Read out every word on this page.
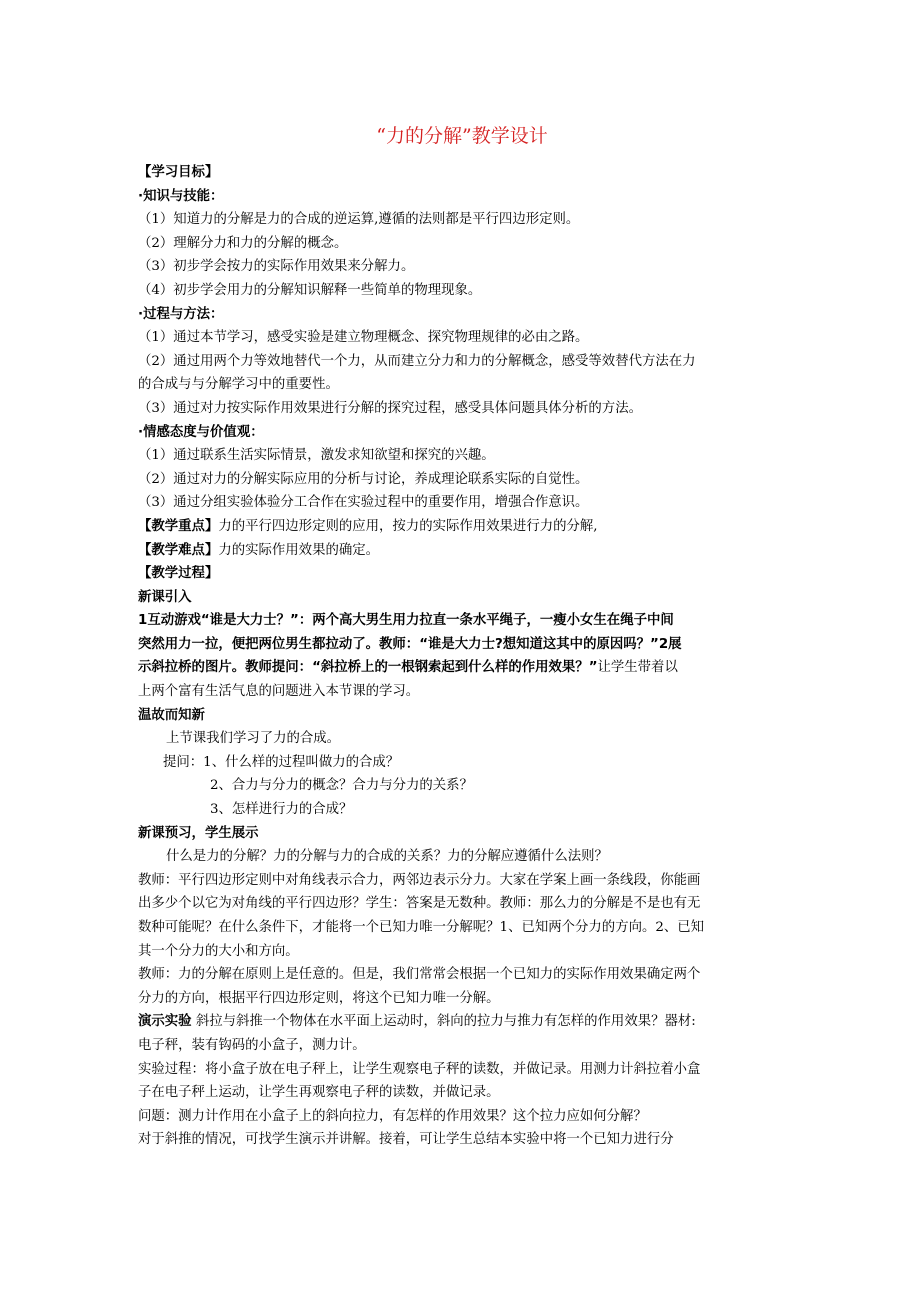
“力的分解”教学设计

【学习目标】

·知识与技能：

（1）知道力的分解是力的合成的逆运算,遵循的法则都是平行四边形定则。

（2）理解分力和力的分解的概念。

（3）初步学会按力的实际作用效果来分解力。

（4）初步学会用力的分解知识解释一些简单的物理现象。

·过程与方法：

（1）通过本节学习，感受实验是建立物理概念、探究物理规律的必由之路。

（2）通过用两个力等效地替代一个力，从而建立分力和力的分解概念，感受等效替代方法在力

的合成与与分解学习中的重要性。

（3）通过对力按实际作用效果进行分解的探究过程，感受具体问题具体分析的方法。

·情感态度与价值观：

（1）通过联系生活实际情景，激发求知欲望和探究的兴趣。

（2）通过对力的分解实际应用的分析与讨论，养成理论联系实际的自觉性。

（3）通过分组实验体验分工合作在实验过程中的重要作用，增强合作意识。

【教学重点】力的平行四边形定则的应用，按力的实际作用效果进行力的分解,

【教学难点】力的实际作用效果的确定。

【教学过程】

新课引入

1互动游戏“谁是大力士？”：两个高大男生用力拉直一条水平绳子，一瘦小女生在绳子中间

突然用力一拉，便把两位男生都拉动了。教师：“谁是大力士?想知道这其中的原因吗？”2展

示斜拉桥的图片。教师提问：“斜拉桥上的一根钢索起到什么样的作用效果？”让学生带着以

上两个富有生活气息的问题进入本节课的学习。

温故而知新

上节课我们学习了力的合成。

提问：1、什么样的过程叫做力的合成？

2、合力与分力的概念？合力与分力的关系？

3、怎样进行力的合成？

新课预习，学生展示

什么是力的分解？力的分解与力的合成的关系？力的分解应遵循什么法则？

教师：平行四边形定则中对角线表示合力，两邻边表示分力。大家在学案上画一条线段，你能画

出多少个以它为对角线的平行四边形？学生：答案是无数种。教师：那么力的分解是不是也有无

数种可能呢？在什么条件下，才能将一个已知力唯一分解呢？1、已知两个分力的方向。2、已知

其一个分力的大小和方向。

教师：力的分解在原则上是任意的。但是，我们常常会根据一个已知力的实际作用效果确定两个

分力的方向，根据平行四边形定则，将这个已知力唯一分解。

演示实验 斜拉与斜推一个物体在水平面上运动时，斜向的拉力与推力有怎样的作用效果？器材:

电子秤，装有钩码的小盒子，测力计。

实验过程：将小盒子放在电子秤上，让学生观察电子秤的读数，并做记录。用测力计斜拉着小盒

子在电子秤上运动，让学生再观察电子秤的读数，并做记录。

问题：测力计作用在小盒子上的斜向拉力，有怎样的作用效果？这个拉力应如何分解？

对于斜推的情况，可找学生演示并讲解。接着，可让学生总结本实验中将一个已知力进行分
